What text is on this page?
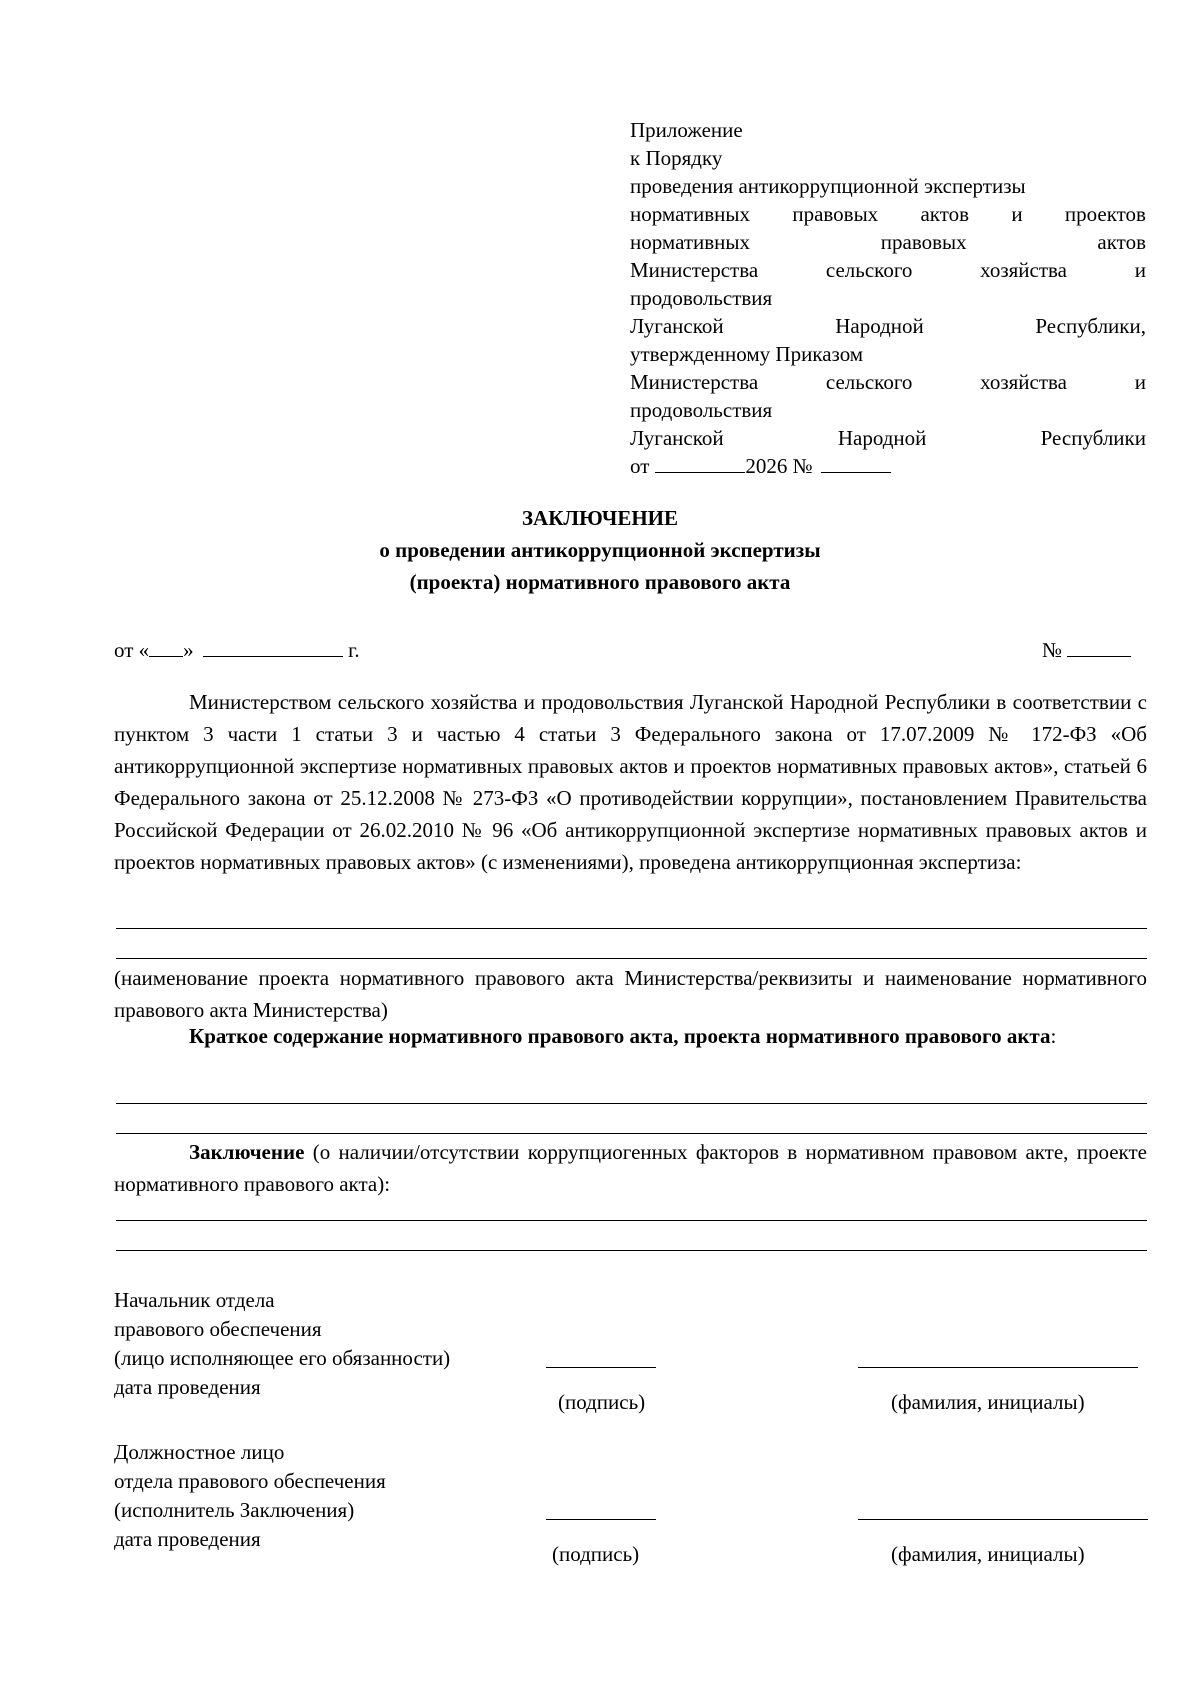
Приложение
к Порядку
проведения антикоррупционной экспертизы
нормативных правовых актов и проектов
нормативных	правовых	актов
Министерства	сельского	хозяйства	и
продовольствия
Луганской	Народной	Республики,
утвержденному Приказом
Министерства	сельского	хозяйства	и
продовольствия
Луганской	Народной	Республики
от	2026 №
ЗАКЛЮЧЕНИЕ
о проведении антикоррупционной экспертизы
(проекта) нормативного правового акта
от « »	г.	№
Министерством сельского хозяйства и продовольствия Луганской Народной Республики в соответствии с пунктом 3 части 1 статьи 3 и частью 4 статьи 3 Федерального закона от 17.07.2009 № 172-ФЗ «Об антикоррупционной экспертизе нормативных правовых актов и проектов нормативных правовых актов», статьей 6 Федерального закона от 25.12.2008 № 273-ФЗ «О противодействии коррупции», постановлением Правительства Российской Федерации от 26.02.2010 № 96 «Об антикоррупционной экспертизе нормативных правовых актов и проектов нормативных правовых актов» (с изменениями), проведена антикоррупционная экспертиза:
(наименование проекта нормативного правового акта Министерства/реквизиты и наименование нормативного правового акта Министерства)
Краткое содержание нормативного правового акта, проекта нормативного правового акта:
Заключение (о наличии/отсутствии коррупциогенных факторов в нормативном правовом акте, проекте нормативного правового акта):
Начальник отдела
правового обеспечения
(лицо исполняющее его обязанности)
дата проведения
(подпись)	(фамилия, инициалы)
Должностное лицо
отдела правового обеспечения
(исполнитель Заключения)
дата проведения
(подпись)	(фамилия, инициалы)
